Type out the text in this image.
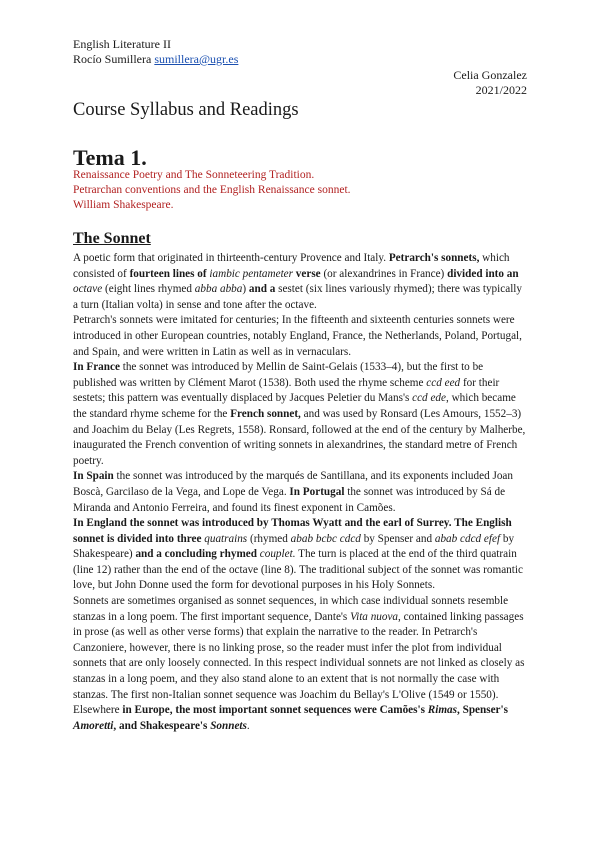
English Literature II
Rocío Sumillera sumillera@ugr.es
Celia Gonzalez
2021/2022
Course Syllabus and Readings
Tema 1.
Renaissance Poetry and The Sonneteering Tradition.
Petrarchan conventions and the English Renaissance sonnet.
William Shakespeare.
The Sonnet

A poetic form that originated in thirteenth-century Provence and Italy. Petrarch's sonnets, which consisted of fourteen lines of iambic pentameter verse (or alexandrines in France) divided into an octave (eight lines rhymed abba abba) and a sestet (six lines variously rhymed); there was typically a turn (Italian volta) in sense and tone after the octave.

Petrarch's sonnets were imitated for centuries; In the fifteenth and sixteenth centuries sonnets were introduced in other European countries, notably England, France, the Netherlands, Poland, Portugal, and Spain, and were written in Latin as well as in vernaculars.

In France the sonnet was introduced by Mellin de Saint-Gelais (1533–4), but the first to be published was written by Clément Marot (1538). Both used the rhyme scheme ccd eed for their sestets; this pattern was eventually displaced by Jacques Peletier du Mans's ccd ede, which became the standard rhyme scheme for the French sonnet, and was used by Ronsard (Les Amours, 1552–3) and Joachim du Belay (Les Regrets, 1558). Ronsard, followed at the end of the century by Malherbe, inaugurated the French convention of writing sonnets in alexandrines, the standard metre of French poetry.

In Spain the sonnet was introduced by the marqués de Santillana, and its exponents included Joan Boscà, Garcilaso de la Vega, and Lope de Vega. In Portugal the sonnet was introduced by Sá de Miranda and Antonio Ferreira, and found its finest exponent in Camões.

In England the sonnet was introduced by Thomas Wyatt and the earl of Surrey. The English sonnet is divided into three quatrains (rhymed abab bcbc cdcd by Spenser and abab cdcd efef by Shakespeare) and a concluding rhymed couplet. The turn is placed at the end of the third quatrain (line 12) rather than the end of the octave (line 8). The traditional subject of the sonnet was romantic love, but John Donne used the form for devotional purposes in his Holy Sonnets.

Sonnets are sometimes organised as sonnet sequences, in which case individual sonnets resemble stanzas in a long poem. The first important sequence, Dante's Vita nuova, contained linking passages in prose (as well as other verse forms) that explain the narrative to the reader. In Petrarch's Canzoniere, however, there is no linking prose, so the reader must infer the plot from individual sonnets that are only loosely connected. In this respect individual sonnets are not linked as closely as stanzas in a long poem, and they also stand alone to an extent that is not normally the case with stanzas. The first non-Italian sonnet sequence was Joachim du Bellay's L'Olive (1549 or 1550). Elsewhere in Europe, the most important sonnet sequences were Camões's Rimas, Spenser's Amoretti, and Shakespeare's Sonnets.
